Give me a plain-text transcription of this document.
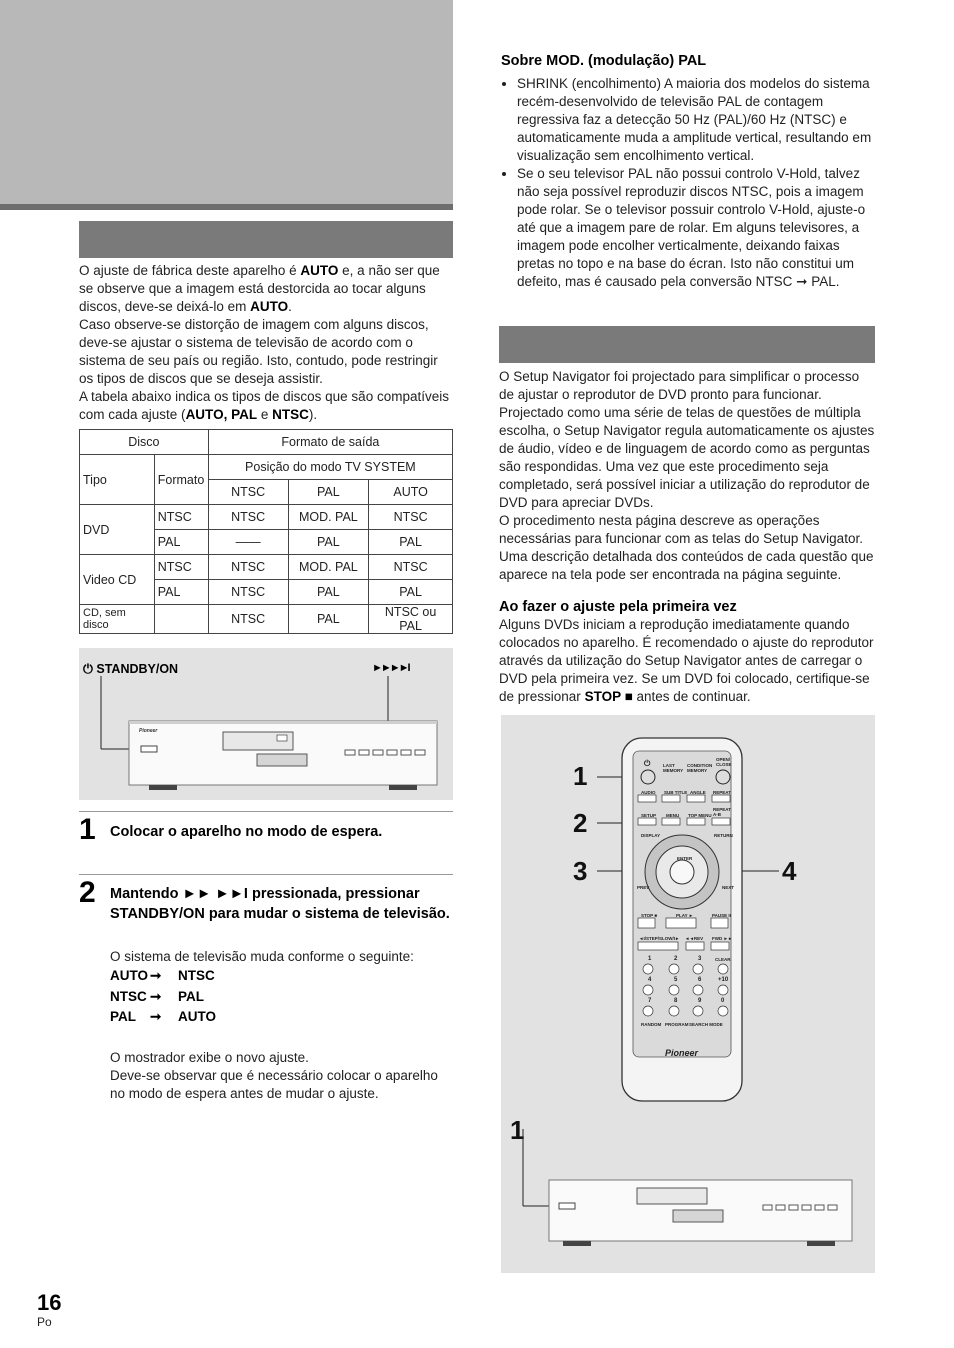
O ajuste de fábrica deste aparelho é AUTO e, a não ser que se observe que a imagem está destorcida ao tocar alguns discos, deve-se deixá-lo em AUTO.

Caso observe-se distorção de imagem com alguns discos, deve-se ajustar o sistema de televisão de acordo com o sistema de seu país ou região. Isto, contudo, pode restringir os tipos de discos que se deseja assistir.

A tabela abaixo indica os tipos de discos que são compatíveis com cada ajuste (AUTO, PAL e NTSC).

Disco		Formato de saída		
Tipo	Formato	Posição do modo TV SYSTEM		
		NTSC	PAL	AUTO
DVD	NTSC	NTSC	MOD. PAL	NTSC
	PAL	——	PAL	PAL
Video CD	NTSC	NTSC	MOD. PAL	NTSC
	PAL	NTSC	PAL	PAL
CD, sem disco		NTSC	PAL	NTSC ou PAL
⏻ STANDBY/ON	►►►►I
Pioneer
1 Colocar o aparelho no modo de espera.
2 Mantendo ►► ►►I pressionada, pressionar STANDBY/ON para mudar o sistema de televisão.
O sistema de televisão muda conforme o seguinte:
AUTO ➞ NTSC
NTSC ➞ PAL
PAL ➞ AUTO

O mostrador exibe o novo ajuste.

Deve-se observar que é necessário colocar o aparelho no modo de espera antes de mudar o ajuste.

Sobre MOD. (modulação) PAL
• SHRINK (encolhimento) A maioria dos modelos do sistema recém-desenvolvido de televisão PAL de contagem regressiva faz a detecção 50 Hz (PAL)/60 Hz (NTSC) e automaticamente muda a amplitude vertical, resultando em visualização sem encolhimento vertical.
• Se o seu televisor PAL não possui controlo V-Hold, talvez não seja possível reproduzir discos NTSC, pois a imagem pode rolar. Se o televisor possuir controlo V-Hold, ajuste-o até que a imagem pare de rolar. Em alguns televisores, a imagem pode encolher verticalmente, deixando faixas pretas no topo e na base do écran. Isto não constitui um defeito, mas é causado pela conversão NTSC ➞ PAL.

O Setup Navigator foi projectado para simplificar o processo de ajustar o reprodutor de DVD pronto para funcionar. Projectado como uma série de telas de questões de múltipla escolha, o Setup Navigator regula automaticamente os ajustes de áudio, vídeo e de linguagem de acordo como as perguntas são respondidas. Uma vez que este procedimento seja completado, será possível iniciar a utilização do reprodutor de DVD para apreciar DVDs.

O procedimento nesta página descreve as operações necessárias para funcionar com as telas do Setup Navigator. Uma descrição detalhada dos conteúdos de cada questão que aparece na tela pode ser encontrada na página seguinte.

Ao fazer o ajuste pela primeira vez

Alguns DVDs iniciam a reprodução imediatamente quando colocados no aparelho. É recomendado o ajuste do reprodutor através da utilização do Setup Navigator antes de carregar o DVD pela primeira vez. Se um DVD foi colocado, certifique-se de pressionar STOP ■ antes de continuar.

1
2
3	4
1
⏻	LAST MEMORY
CONDITION MEMORY
OPEN/ CLOSE
AUDIO SUB TITLE ANGLE REPEAT
SETUP MENU TOP MENU
REPEAT A-B
DISPLAY	RETURN
ENTER
PREV	NEXT
STOP ■	PLAY ►	PAUSE II
◄I/STEP/SLOW/I► ◄◄REV FWD ►►
1	2	3	CLEAR
4	5	6	+10
7	8	9	0
RANDOM PROGRAM SEARCH MODE
Pioneer
16
Po
